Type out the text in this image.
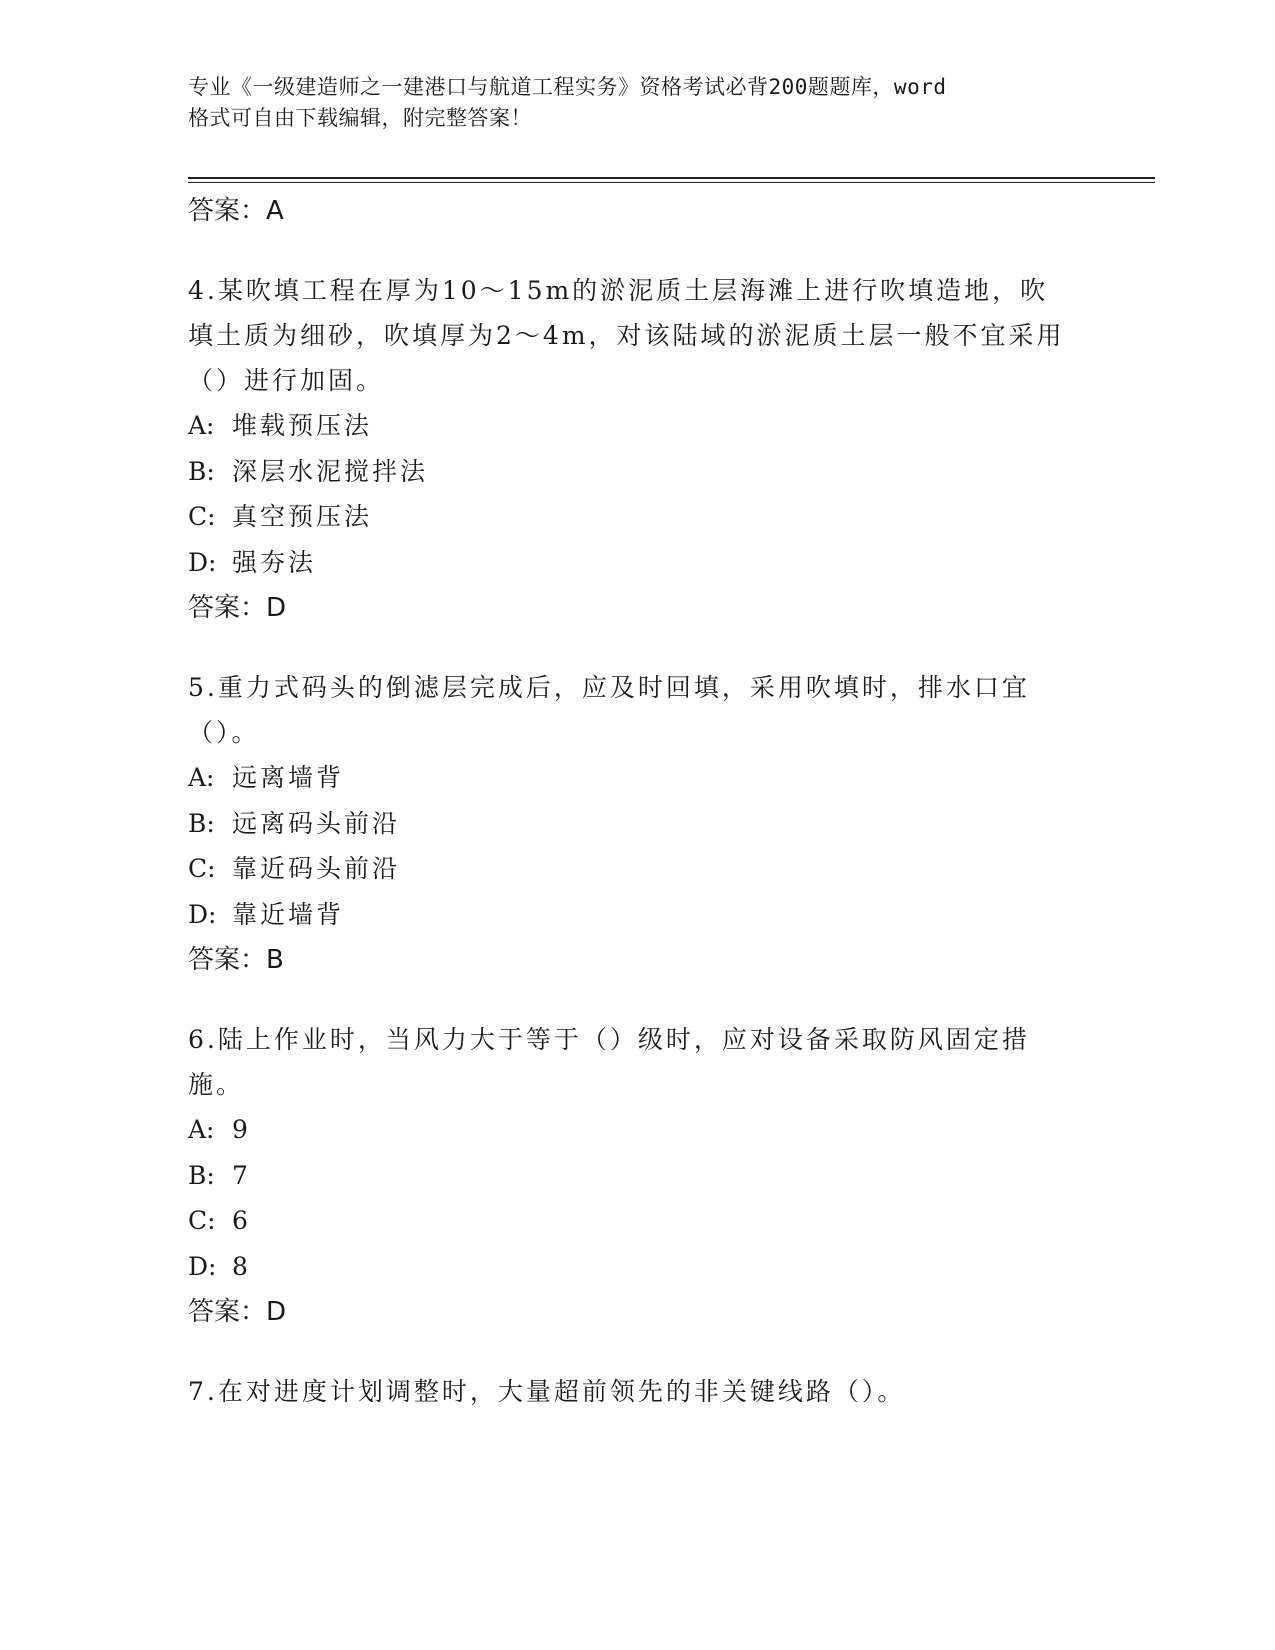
专业《一级建造师之一建港口与航道工程实务》资格考试必背200题题库，word
格式可自由下载编辑，附完整答案！
答案：A
4.某吹填工程在厚为10～15m的淤泥质土层海滩上进行吹填造地，吹
填土质为细砂，吹填厚为2～4m，对该陆域的淤泥质土层一般不宜采用
（）进行加固。
A: 堆载预压法
B: 深层水泥搅拌法
C: 真空预压法
D: 强夯法
答案：D
5.重力式码头的倒滤层完成后，应及时回填，采用吹填时，排水口宜
（）。
A: 远离墙背
B: 远离码头前沿
C: 靠近码头前沿
D: 靠近墙背
答案：B
6.陆上作业时，当风力大于等于（）级时，应对设备采取防风固定措
施。
A: 9
B: 7
C: 6
D: 8
答案：D
7.在对进度计划调整时，大量超前领先的非关键线路（）。
